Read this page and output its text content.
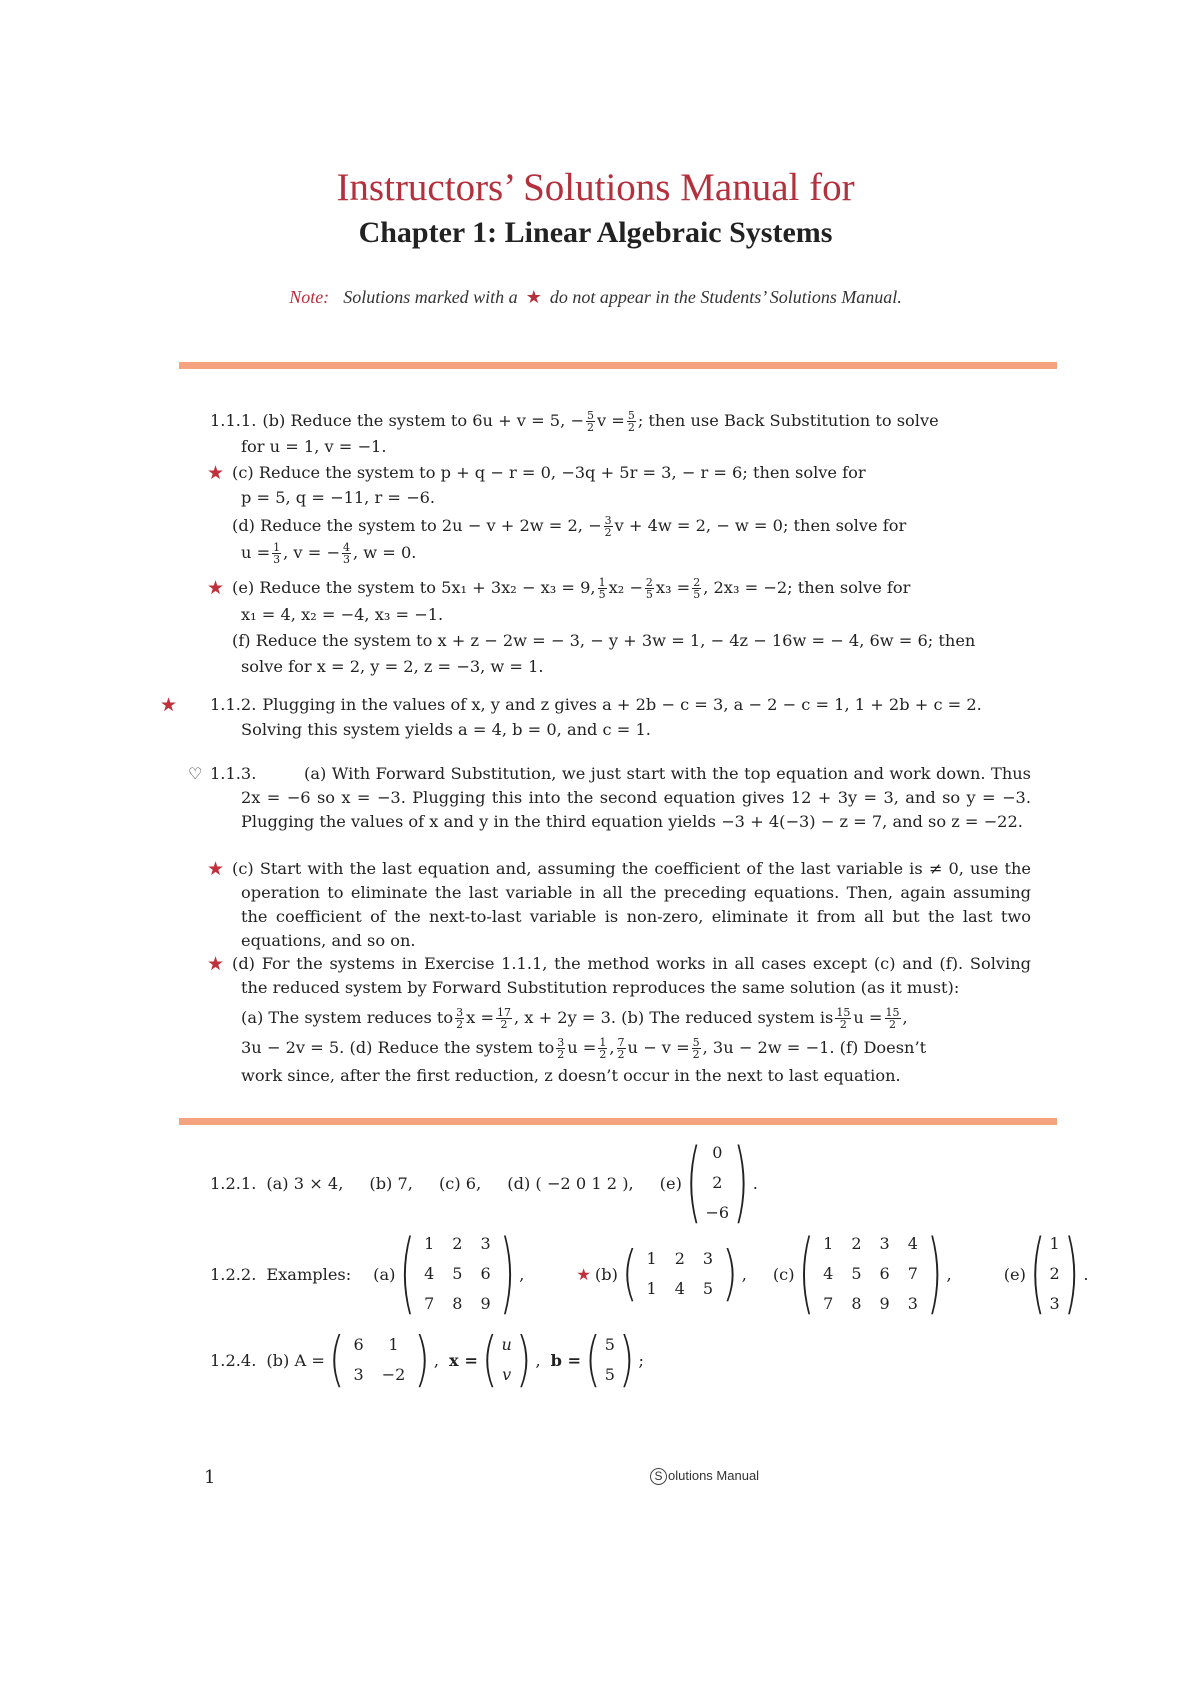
Instructors’ Solutions Manual for
Chapter 1: Linear Algebraic Systems
Note: Solutions marked with a ★ do not appear in the Students’ Solutions Manual.
1.1.1. (b) Reduce the system to 6u + v = 5, − $\frac{5}{2}$ $v = \frac{5}{2}$ ; then use Back Substitution to solve
for u = 1, v = −1.
★ (c) Reduce the system to p + q − r = 0, −3q + 5r = 3, − r = 6; then solve for
p = 5, q = −11, r = −6.
(d) Reduce the system to 2u − v + 2w = 2, − $\frac{3}{2}$ v + 4w = 2, − w = 0; then solve for
$u = \frac{1}{3}$ , v = − $\frac{4}{3}$ , w = 0.
★ (e) Reduce the system to 5x₁ + 3x₂ − x₃ = 9, $\frac{1}{5} x_2 - \frac{2}{5} x_3 = \frac{2}{5}$ , 2x₃ = −2; then solve for
x₁ = 4, x₂ = −4, x₃ = −1.
(f) Reduce the system to x + z − 2w = − 3, − y + 3w = 1, − 4z − 16w = − 4, 6w = 6; then
solve for x = 2, y = 2, z = −3, w = 1.
★ 1.1.2. Plugging in the values of x, y and z gives a + 2b − c = 3, a − 2 − c = 1, 1 + 2b + c = 2.
Solving this system yields a = 4, b = 0, and c = 1.
♡ 1.1.3.	(a) With Forward Substitution, we just start with the top equation and work down. Thus 2x = −6 so x = −3. Plugging this into the second equation gives 12 + 3y = 3, and so y = −3. Plugging the values of x and y in the third equation yields −3 + 4(−3) − z = 7, and so z = −22.
★ (c) Start with the last equation and, assuming the coefficient of the last variable is ≠ 0, use the operation to eliminate the last variable in all the preceding equations. Then, again assuming the coefficient of the next-to-last variable is non-zero, eliminate it from all but the last two equations, and so on.
★ (d) For the systems in Exercise 1.1.1, the method works in all cases except (c) and (f). Solving the reduced system by Forward Substitution reproduces the same solution (as it must):
(a) The system reduces to $\frac{3}{2}$ $x = \frac{17}{2}$ , x + 2y = 3. (b) The reduced system is $\frac{15}{2}$ $u = \frac{15}{2}$ ,
3u − 2v = 5. (d) Reduce the system to $\frac{3}{2}$ $u = \frac{1}{2}$ , $\frac{7}{2}$ $u - v = \frac{5}{2}$ , 3u − 2w = −1. (f) Doesn’t
work since, after the first reduction, z doesn’t occur in the next to last equation.
1.2.1. (a) 3 × 4, (b) 7, (c) 6, (d) ( −2 0 1 2 ), (e) ( 0
2
−6 ) .
1.2.2. Examples: (a) ( 1	2	3
4	5	6
7	8	9 ) ,	★ (b) ( 1	2	3
1	4	5 ) , (c) ( 1	2	3	4
4	5	6	7
7	8	9	3 ) ,	(e) ( 1
2
3 ) .
1.2.4. (b) A = ( 6	1
3	−2 ) , x = ( u
v ) , b = ( 5
5 ) ;
1	S olutions Manual
